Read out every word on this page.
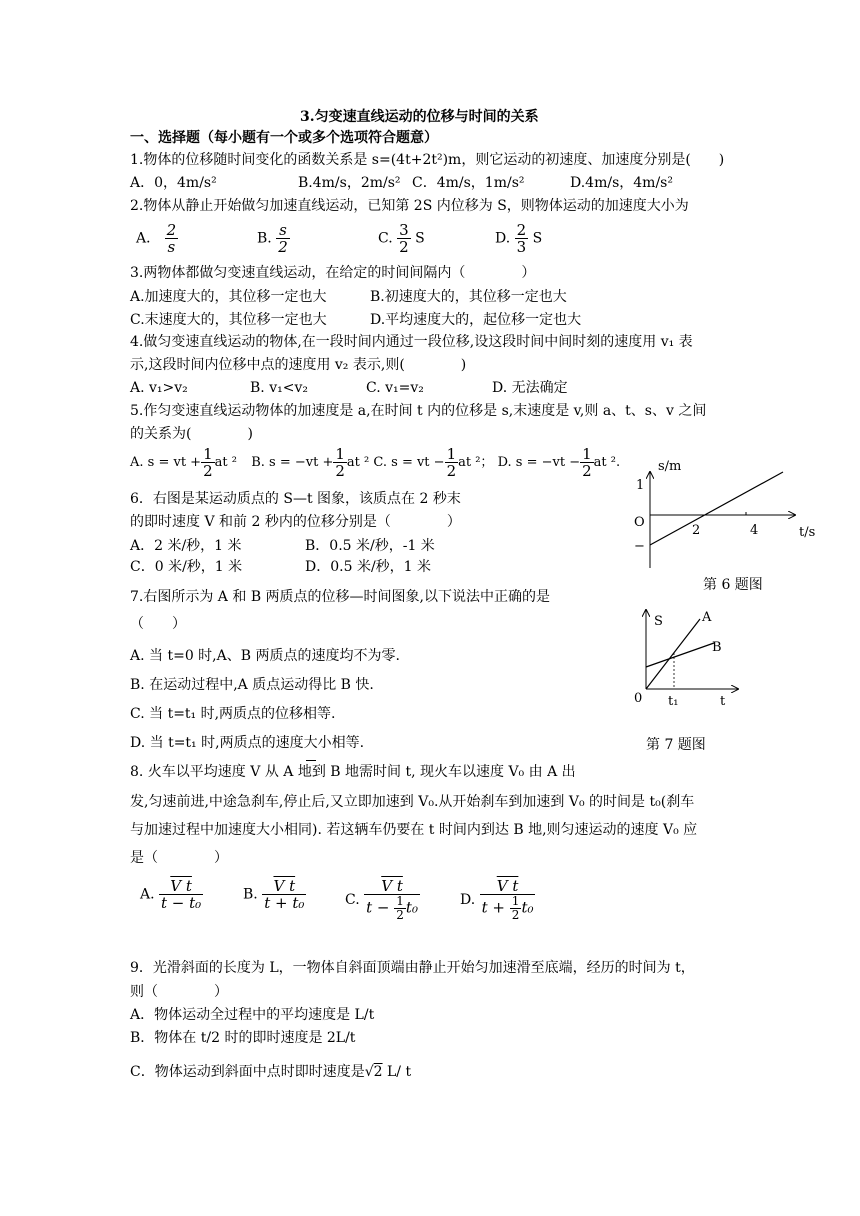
3.匀变速直线运动的位移与时间的关系
一、选择题（每小题有一个或多个选项符合题意）
1.物体的位移随时间变化的函数关系是 s=(4t+2t²)m，则它运动的初速度、加速度分别是(　　)
A．0，4m/s²	B.4m/s，2m/s² C．4m/s，1m/s²	D.4m/s，4m/s²
2.物体从静止开始做匀加速直线运动，已知第 2S 内位移为 S，则物体运动的加速度大小为
A． $\frac{2}{s}$	B. $\frac{s}{2}$	C. $\frac{3}{2}$ S	D. $\frac{2}{3}$ S
3.两物体都做匀变速直线运动，在给定的时间间隔内（　　　　）
A.加速度大的，其位移一定也大	B.初速度大的，其位移一定也大
C.末速度大的，其位移一定也大	D.平均速度大的，起位移一定也大
4.做匀变速直线运动的物体,在一段时间内通过一段位移,设这段时间中间时刻的速度用 v₁ 表
示,这段时间内位移中点的速度用 v₂ 表示,则(　　　　)
A. v₁>v₂	B. v₁<v₂	C. v₁=v₂	D. 无法确定
5.作匀变速直线运动物体的加速度是 a,在时间 t 内的位移是 s,末速度是 v,则 a、t、s、v 之间
的关系为(　　　　)
A. s = vt + $\frac{1}{2}$ at ² B. $s = -vt + \frac{1}{2}$ at ² C. s = vt − $\frac{1}{2}$ at ²； D. $s = -vt - \frac{1}{2}$ at ².
6．右图是某运动质点的 S—t 图象，该质点在 2 秒末
的即时速度 V 和前 2 秒内的位移分别是（　　　　）
A．2 米/秒，1 米	B．0.5 米/秒，-1 米
C．0 米/秒，1 米	D．0.5 米/秒，1 米
s/m
1
O
−
2	4	t/s
第 6 题图
7.右图所示为 A 和 B 两质点的位移—时间图象,以下说法中正确的是
（　　）
A. 当 t=0 时,A、B 两质点的速度均不为零.
B. 在运动过程中,A 质点运动得比 B 快.
C. 当 t=t₁ 时,两质点的位移相等.
D. 当 t=t₁ 时,两质点的速度大小相等.
S	A
B
0 t₁	t
第 7 题图
8. 火车以平均速度 V 从 A 地到 B 地需时间 t, 现火车以速度 V₀ 由 A 出
发,匀速前进,中途急刹车,停止后,又立即加速到 V₀.从开始刹车到加速到 V₀ 的时间是 t₀(刹车
与加速过程中加速度大小相同). 若这辆车仍要在 t 时间内到达 B 地,则匀速运动的速度 V₀ 应
是（　　　　）
A. $\frac{\text{V t}}{\text{t − t₀}}$	B. $\frac{\text{V t}}{\text{t + t₀}}$	C. $\frac{\text{V t}}{t - \frac{1}{2} t_0}$	D. $\frac{\text{V t}}{t + \frac{1}{2} t_0}$
9．光滑斜面的长度为 L，一物体自斜面顶端由静止开始匀加速滑至底端，经历的时间为 t，
则（　　　　）
A．物体运动全过程中的平均速度是 L/t
B．物体在 t/2 时的即时速度是 2L/t
C．物体运动到斜面中点时即时速度是√2 L/ t
